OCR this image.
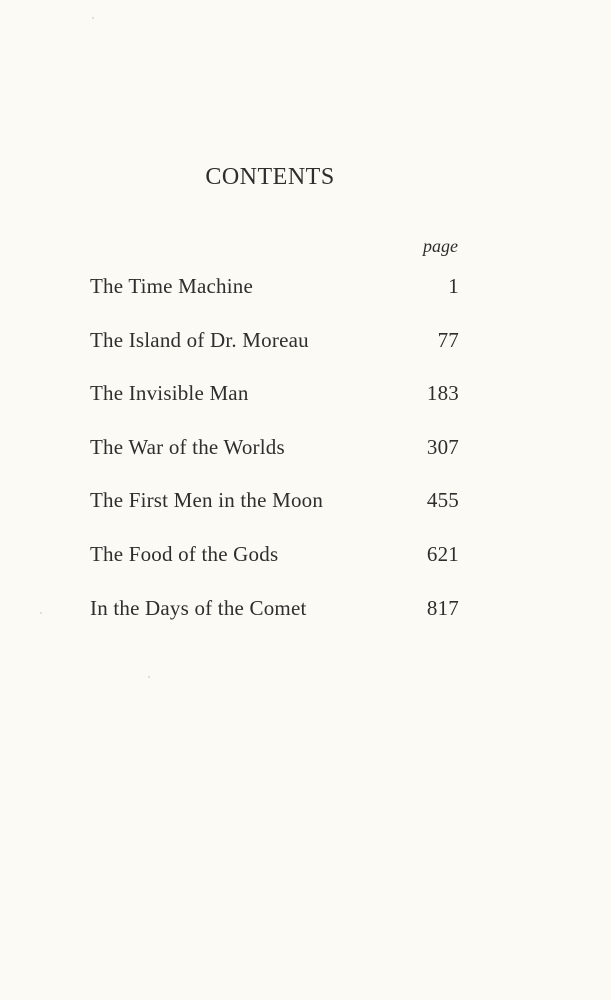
CONTENTS
page
The Time Machine	1
The Island of Dr. Moreau	77
The Invisible Man	183
The War of the Worlds	307
The First Men in the Moon	455
The Food of the Gods	621
In the Days of the Comet	817
